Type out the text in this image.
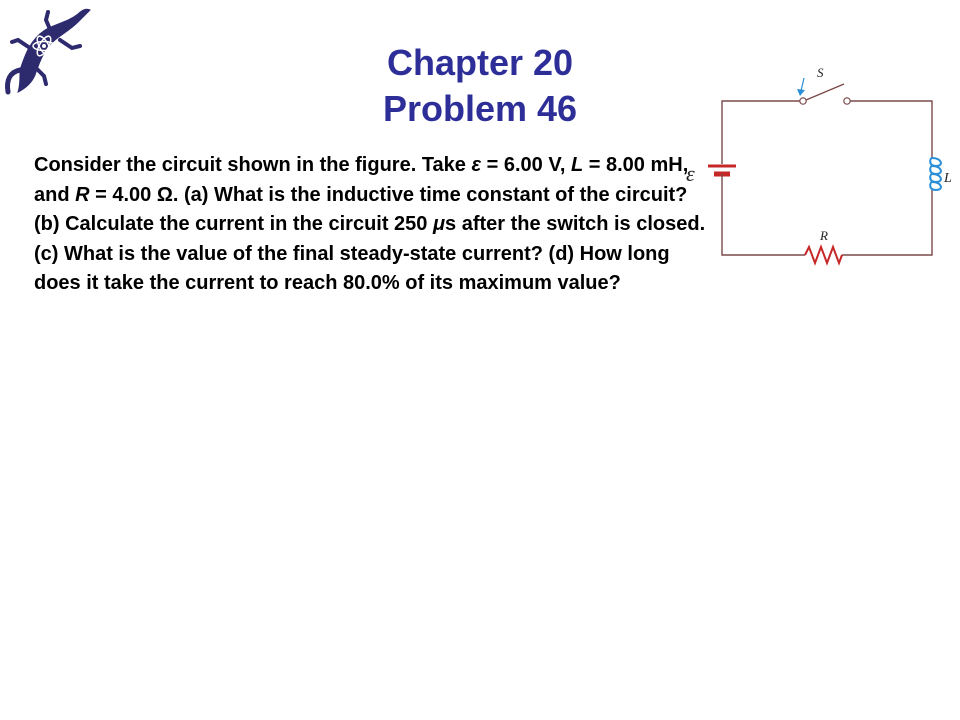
Chapter 20
Problem 46
Consider the circuit shown in the figure. Take ε = 6.00 V, L = 8.00 mH, and R = 4.00 Ω. (a) What is the inductive time constant of the circuit? (b) Calculate the current in the circuit 250 μs after the switch is closed. (c) What is the value of the final steady-state current? (d) How long does it take the current to reach 80.0% of its maximum value?
S
ε	L
R
